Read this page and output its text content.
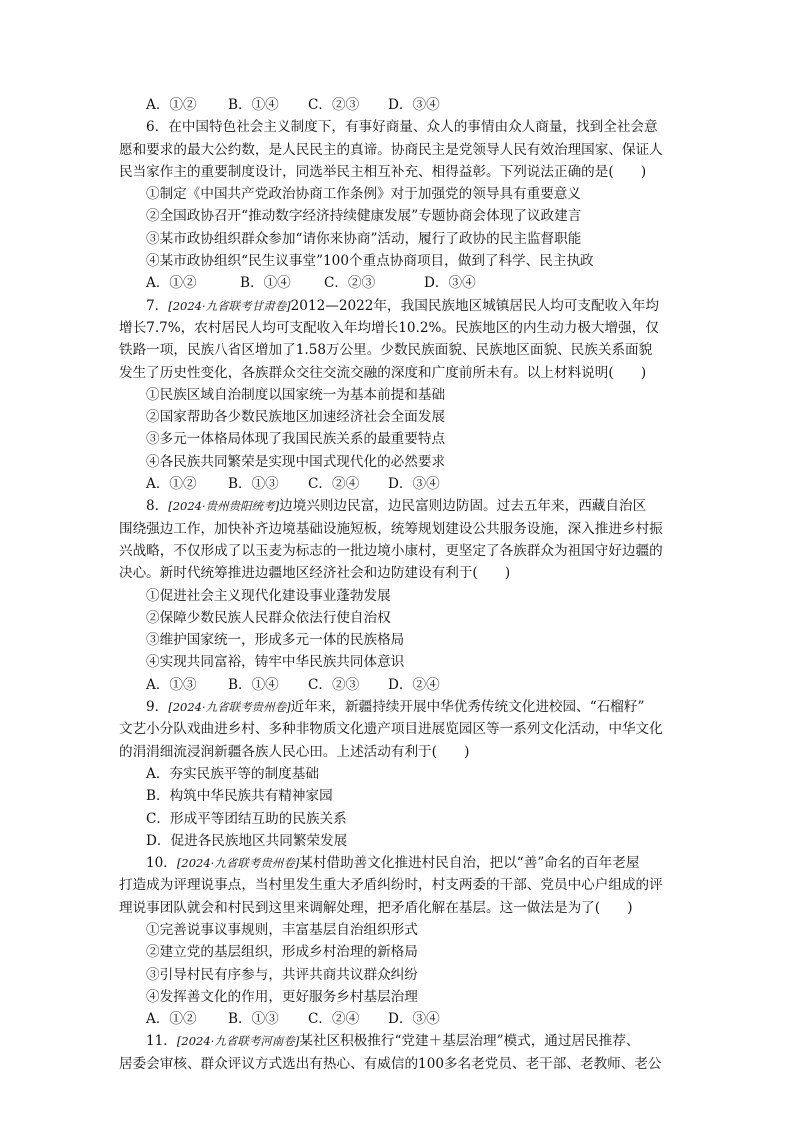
A．①② B．①④ C．②③ D．③④
6．在中国特色社会主义制度下，有事好商量、众人的事情由众人商量，找到全社会意
愿和要求的最大公约数，是人民民主的真谛。协商民主是党领导人民有效治理国家、保证人
民当家作主的重要制度设计，同选举民主相互补充、相得益彰。下列说法正确的是(　　)
①制定《中国共产党政治协商工作条例》对于加强党的领导具有重要意义
②全国政协召开“推动数字经济持续健康发展”专题协商会体现了议政建言
③某市政协组织群众参加“请你来协商”活动，履行了政协的民主监督职能
④某市政协组织“民生议事堂”100个重点协商项目，做到了科学、民主执政
A．①②	B．①④ C．②③	D．③④
7．[2024·九省联考甘肃卷]2012—2022年，我国民族地区城镇居民人均可支配收入年均
增长7.7%，农村居民人均可支配收入年均增长10.2%。民族地区的内生动力极大增强，仅
铁路一项，民族八省区增加了1.58万公里。少数民族面貌、民族地区面貌、民族关系面貌
发生了历史性变化，各族群众交往交流交融的深度和广度前所未有。以上材料说明(　　)
①民族区域自治制度以国家统一为基本前提和基础
②国家帮助各少数民族地区加速经济社会全面发展
③多元一体格局体现了我国民族关系的最重要特点
④各民族共同繁荣是实现中国式现代化的必然要求
A．①② B．①③ C．②④ D．③④
8．[2024·贵州贵阳统考]边境兴则边民富，边民富则边防固。过去五年来，西藏自治区
围绕强边工作，加快补齐边境基础设施短板，统筹规划建设公共服务设施，深入推进乡村振
兴战略，不仅形成了以玉麦为标志的一批边境小康村，更坚定了各族群众为祖国守好边疆的
决心。新时代统筹推进边疆地区经济社会和边防建设有利于(　　)
①促进社会主义现代化建设事业蓬勃发展
②保障少数民族人民群众依法行使自治权
③维护国家统一，形成多元一体的民族格局
④实现共同富裕，铸牢中华民族共同体意识
A．①③ B．①④ C．②③ D．②④
9．[2024·九省联考贵州卷]近年来，新疆持续开展中华优秀传统文化进校园、“石榴籽”
文艺小分队戏曲进乡村、多种非物质文化遗产项目进展览园区等一系列文化活动，中华文化
的涓涓细流浸润新疆各族人民心田。上述活动有利于(　　)
A．夯实民族平等的制度基础
B．构筑中华民族共有精神家园
C．形成平等团结互助的民族关系
D．促进各民族地区共同繁荣发展
10．[2024·九省联考贵州卷]某村借助善文化推进村民自治，把以“善”命名的百年老屋
打造成为评理说事点，当村里发生重大矛盾纠纷时，村支两委的干部、党员中心户组成的评
理说事团队就会和村民到这里来调解处理，把矛盾化解在基层。这一做法是为了(　　)
①完善说事议事规则，丰富基层自治组织形式
②建立党的基层组织，形成乡村治理的新格局
③引导村民有序参与，共评共商共议群众纠纷
④发挥善文化的作用，更好服务乡村基层治理
A．①② B．①③ C．②④ D．③④
11．[2024·九省联考河南卷]某社区积极推行“党建＋基层治理”模式，通过居民推荐、
居委会审核、群众评议方式选出有热心、有威信的100多名老党员、老干部、老教师、老公
